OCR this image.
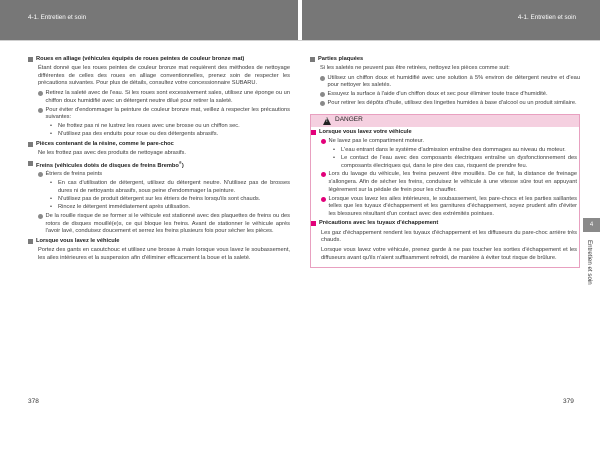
4-1. Entretien et soin	4-1. Entretien et soin
Roues en alliage (véhicules équipés de roues peintes de couleur bronze mat)
Étant donné que les roues peintes de couleur bronze mat requièrent des méthodes de nettoyage différentes de celles des roues en alliage conventionnelles, prenez soin de respecter les précautions suivantes. Pour plus de détails, consultez votre concessionnaire SUBARU.
Retirez la saleté avec de l'eau. Si les roues sont excessivement sales, utilisez une éponge ou un chiffon doux humidifié avec un détergent neutre dilué pour retirer la saleté.
Pour éviter d'endommager la peinture de couleur bronze mat, veillez à respecter les précautions suivantes:
•	Ne frottez pas ni ne lustrez les roues avec une brosse ou un chiffon sec.
•	N'utilisez pas des enduits pour roue ou des détergents abrasifs.
Pièces contenant de la résine, comme le pare-choc
Ne les frottez pas avec des produits de nettoyage abrasifs.
Freins (véhicules dotés de disques de freins Brembo®)
Étriers de freins peints
•	En cas d'utilisation de détergent, utilisez du détergent neutre. N'utilisez pas de brosses dures ni de nettoyants abrasifs, sous peine d'endommager la peinture.
•	N'utilisez pas de produit détergent sur les étriers de freins lorsqu'ils sont chauds.
•	Rincez le détergent immédiatement après utilisation.
De la rouille risque de se former si le véhicule est stationné avec des plaquettes de freins ou des rotors de disques mouillé(e)s, ce qui bloque les freins. Avant de stationner le véhicule après l'avoir lavé, conduisez doucement et serrez les freins plusieurs fois pour sécher les pièces.
Lorsque vous lavez le véhicule
Portez des gants en caoutchouc et utilisez une brosse à main lorsque vous lavez le soubassement, les ailes intérieures et la suspension afin d'éliminer efficacement la boue et la saleté.
Parties plaquées
Si les saletés ne peuvent pas être retirées, nettoyez les pièces comme suit:
Utilisez un chiffon doux et humidifié avec une solution à 5% environ de détergent neutre et d'eau pour nettoyer les saletés.
Essuyez la surface à l'aide d'un chiffon doux et sec pour éliminer toute trace d'humidité.
Pour retirer les dépôts d'huile, utilisez des lingettes humides à base d'alcool ou un produit similaire.
!
DANGER
Lorsque vous lavez votre véhicule
Ne lavez pas le compartiment moteur.
•	L'eau entrant dans le système d'admission entraîne des dommages au niveau du moteur.
•	Le contact de l'eau avec des composants électriques entraîne un dysfonctionnement des composants électriques qui, dans le pire des cas, risquent de prendre feu.
Lors du lavage du véhicule, les freins peuvent être mouillés. De ce fait, la distance de freinage s'allongera. Afin de sécher les freins, conduisez le véhicule à une vitesse sûre tout en appuyant légèrement sur la pédale de frein pour les chauffer.
Lorsque vous lavez les ailes intérieures, le soubassement, les pare-chocs et les parties saillantes telles que les tuyaux d'échappement et les garnitures d'échappement, soyez prudent afin d'éviter les blessures résultant d'un contact avec des extrémités pointues.
Précautions avec les tuyaux d'échappement
Les gaz d'échappement rendent les tuyaux d'échappement et les diffuseurs du pare-choc arrière très chauds.
Lorsque vous lavez votre véhicule, prenez garde à ne pas toucher les sorties d'échappement et les diffuseurs avant qu'ils n'aient suffisamment refroidi, de manière à éviter tout risque de brûlure.
4
Entretien et soin
378	379
